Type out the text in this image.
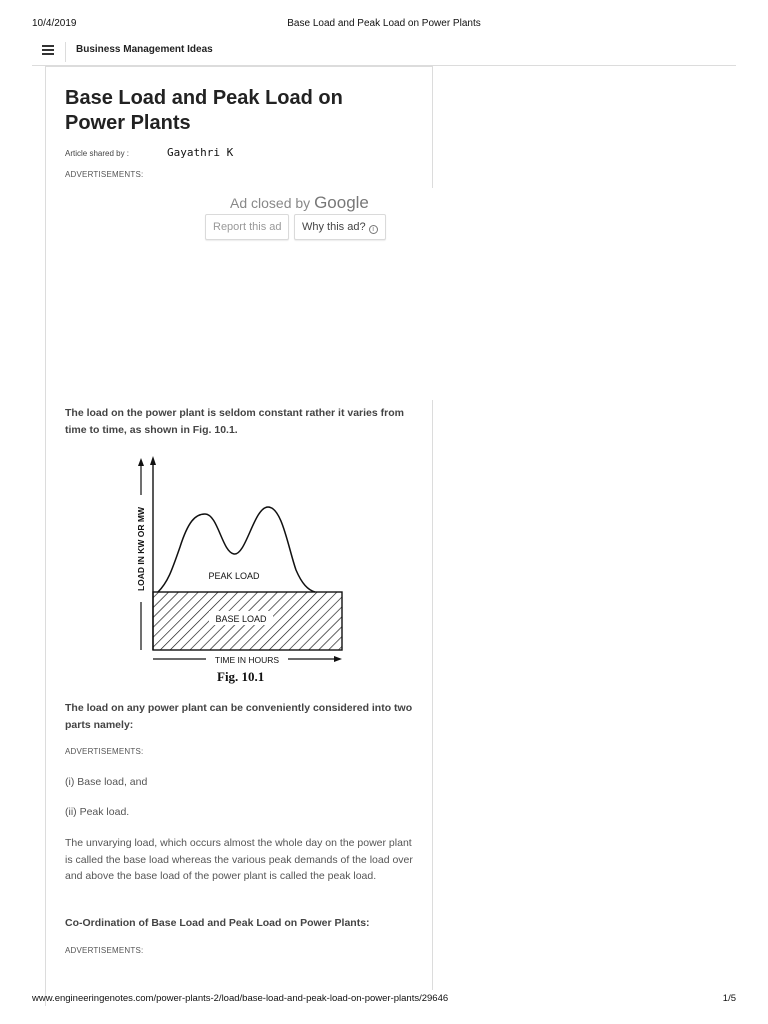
10/4/2019	Base Load and Peak Load on Power Plants
Business Management Ideas
Base Load and Peak Load on Power Plants
Article shared by :	Gayathri K
ADVERTISEMENTS:
Ad closed by Google
Report this ad	Why this ad? i

The load on the power plant is seldom constant rather it varies from time to time, as shown in Fig. 10.1.

LOAD IN KW OR MW	PEAK LOAD
BASE LOAD
TIME IN HOURS
Fig. 10.1

The load on any power plant can be conveniently considered into two parts namely:

ADVERTISEMENTS:

(i) Base load, and

(ii) Peak load.

The unvarying load, which occurs almost the whole day on the power plant is called the base load whereas the various peak demands of the load over and above the base load of the power plant is called the peak load.

Co-Ordination of Base Load and Peak Load on Power Plants:

ADVERTISEMENTS:
www.engineeringenotes.com/power-plants-2/load/base-load-and-peak-load-on-power-plants/29646	1/5
